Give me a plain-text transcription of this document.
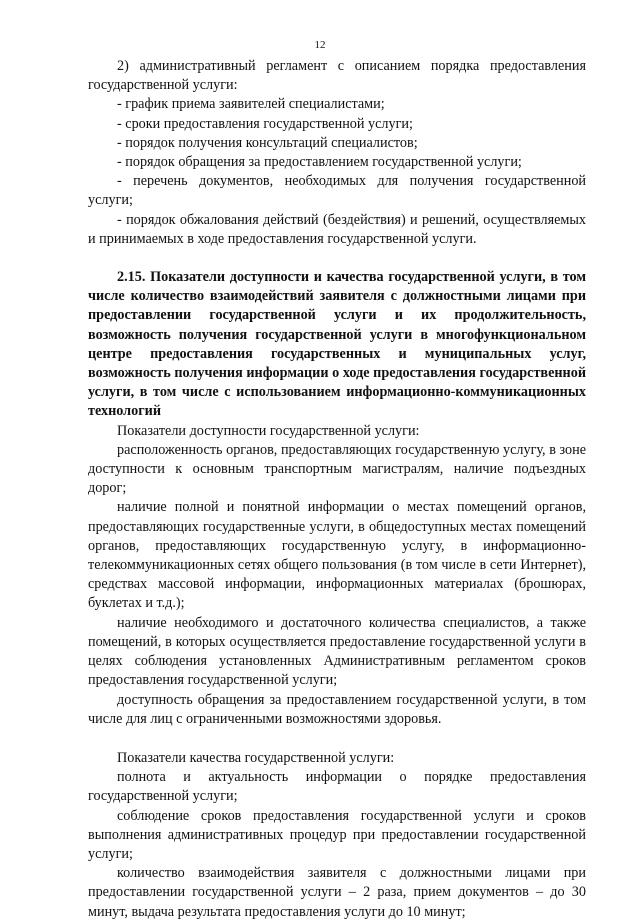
12

2) административный регламент с описанием порядка предоставления государственной услуги:

- график приема заявителей специалистами;

- сроки предоставления государственной услуги;

- порядок получения консультаций специалистов;

- порядок обращения за предоставлением государственной услуги;

- перечень документов, необходимых для получения государственной услуги;

- порядок обжалования действий (бездействия) и решений, осуществляемых и принимаемых в ходе предоставления государственной услуги.

2.15. Показатели доступности и качества государственной услуги, в том числе количество взаимодействий заявителя с должностными лицами при предоставлении государственной услуги и их продолжительность, возможность получения государственной услуги в многофункциональном центре предоставления государственных и муниципальных услуг, возможность получения информации о ходе предоставления государственной услуги, в том числе с использованием информационно-коммуникационных технологий

Показатели доступности государственной услуги:

расположенность органов, предоставляющих государственную услугу, в зоне доступности к основным транспортным магистралям, наличие подъездных дорог;

наличие полной и понятной информации о местах помещений органов, предоставляющих государственные услуги, в общедоступных местах помещений органов, предоставляющих государственную услугу, в информационно-телекоммуникационных сетях общего пользования (в том числе в сети Интернет), средствах массовой информации, информационных материалах (брошюрах, буклетах и т.д.);

наличие необходимого и достаточного количества специалистов, а также помещений, в которых осуществляется предоставление государственной услуги в целях соблюдения установленных Административным регламентом сроков предоставления государственной услуги;

доступность обращения за предоставлением государственной услуги, в том числе для лиц с ограниченными возможностями здоровья.

Показатели качества государственной услуги:

полнота и актуальность информации о порядке предоставления государственной услуги;

соблюдение сроков предоставления государственной услуги и сроков выполнения административных процедур при предоставлении государственной услуги;

количество взаимодействия заявителя с должностными лицами при предоставлении государственной услуги – 2 раза, прием документов – до 30 минут, выдача результата предоставления услуги до 10 минут;
